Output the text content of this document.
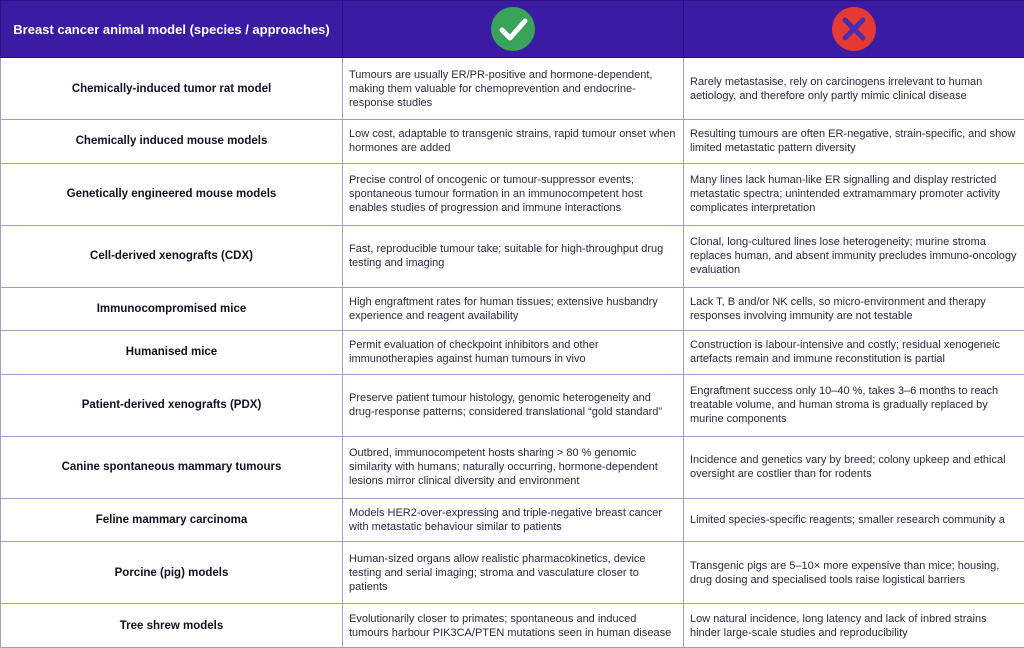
Breast cancer animal model (species / approaches)	

Chemically-induced tumor rat model	Tumours are usually ER/PR-positive and hormone-dependent, making them valuable for chemoprevention and endocrine-response studies	Rarely metastasise, rely on carcinogens irrelevant to human aetiology, and therefore only partly mimic clinical disease
Chemically induced mouse models	Low cost, adaptable to transgenic strains, rapid tumour onset when hormones are added	Resulting tumours are often ER-negative, strain-specific, and show limited metastatic pattern diversity
Genetically engineered mouse models	Precise control of oncogenic or tumour-suppressor events; spontaneous tumour formation in an immunocompetent host enables studies of progression and immune interactions	Many lines lack human-like ER signalling and display restricted metastatic spectra; unintended extramammary promoter activity complicates interpretation
Cell-derived xenografts (CDX)	Fast, reproducible tumour take; suitable for high-throughput drug testing and imaging	Clonal, long-cultured lines lose heterogeneity; murine stroma replaces human, and absent immunity precludes immuno-oncology evaluation
Immunocompromised mice	High engraftment rates for human tissues; extensive husbandry experience and reagent availability	Lack T, B and/or NK cells, so micro-environment and therapy responses involving immunity are not testable
Humanised mice	Permit evaluation of checkpoint inhibitors and other immunotherapies against human tumours in vivo	Construction is labour-intensive and costly; residual xenogeneic artefacts remain and immune reconstitution is partial
Patient-derived xenografts (PDX)	Preserve patient tumour histology, genomic heterogeneity and drug-response patterns; considered translational “gold standard”	Engraftment success only 10–40 %, takes 3–6 months to reach treatable volume, and human stroma is gradually replaced by murine components
Canine spontaneous mammary tumours	Outbred, immunocompetent hosts sharing > 80 % genomic similarity with humans; naturally occurring, hormone-dependent lesions mirror clinical diversity and environment	Incidence and genetics vary by breed; colony upkeep and ethical oversight are costlier than for rodents
Feline mammary carcinoma	Models HER2-over-expressing and triple-negative breast cancer with metastatic behaviour similar to patients	Limited species-specific reagents; smaller research community a
Porcine (pig) models	Human-sized organs allow realistic pharmacokinetics, device testing and serial imaging; stroma and vasculature closer to patients	Transgenic pigs are 5–10× more expensive than mice; housing, drug dosing and specialised tools raise logistical barriers
Tree shrew models	Evolutionarily closer to primates; spontaneous and induced tumours harbour PIK3CA/PTEN mutations seen in human disease	Low natural incidence, long latency and lack of inbred strains hinder large-scale studies and reproducibility
